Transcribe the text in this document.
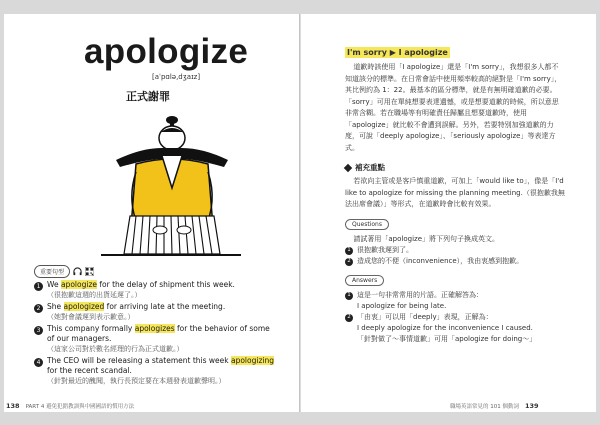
apologize
[aˈpɑlə,dʒaɪz]
正式謝罪
重要句型
1 We apologize for the delay of shipment this week.
（很抱歉這週的出貨延遲了。）
2 She apologized for arriving late at the meeting.
（她對會議遲到表示歉意。）
3 This company formally apologizes for the behavior of some of our managers.
（這家公司對於數名經理的行為正式道歉。）
4 The CEO will be releasing a statement this week apologizing for the recent scandal.
（針對最近的醜聞，執行長預定要在本週發表道歉聲明。）
138 PART 4 避免犯錯教訓與中國國語的慣用方法
I'm sorry ▶ I apologize

道歉時該使用「I apologize」還是「I'm sorry」，我想很多人都不知道該分的標準。在日常會話中使用頻率較高的絕對是「I'm sorry」，其比例約為 1：22。最基本的區分標準，就是有無明確道歉的必要。「sorry」可用在單純想要表達遺憾，或是想要道歉的時候，所以意思非常含糊。若在職場等有明確責任歸屬且想要道歉時，使用「apologize」就比較不會遭到誤解。另外，若要特別加強道歉的力度，可說「deeply apologize」、「seriously apologize」等表達方式。

補充重點

若欲向主管或是客戶慎重道歉，可加上「would like to」，像是「I'd like to apologize for missing the planning meeting.（很抱歉我無法出席會議）」等形式，在道歉時會比較有效果。

Questions
請試著用「apologize」將下列句子換成英文。
1 很抱歉我遲到了。
2 造成您的不便（inconvenience），我由衷感到抱歉。
Answers
1 這是一句非常常用的片語。正確解答為：
I apologize for being late.
2 「由衷」可以用「deeply」表現，正解為：
I deeply apologize for the inconvenience I caused.
「針對做了～事情道歉」可用「apologize for doing～」
職場英語常見的 101 個動詞 139
